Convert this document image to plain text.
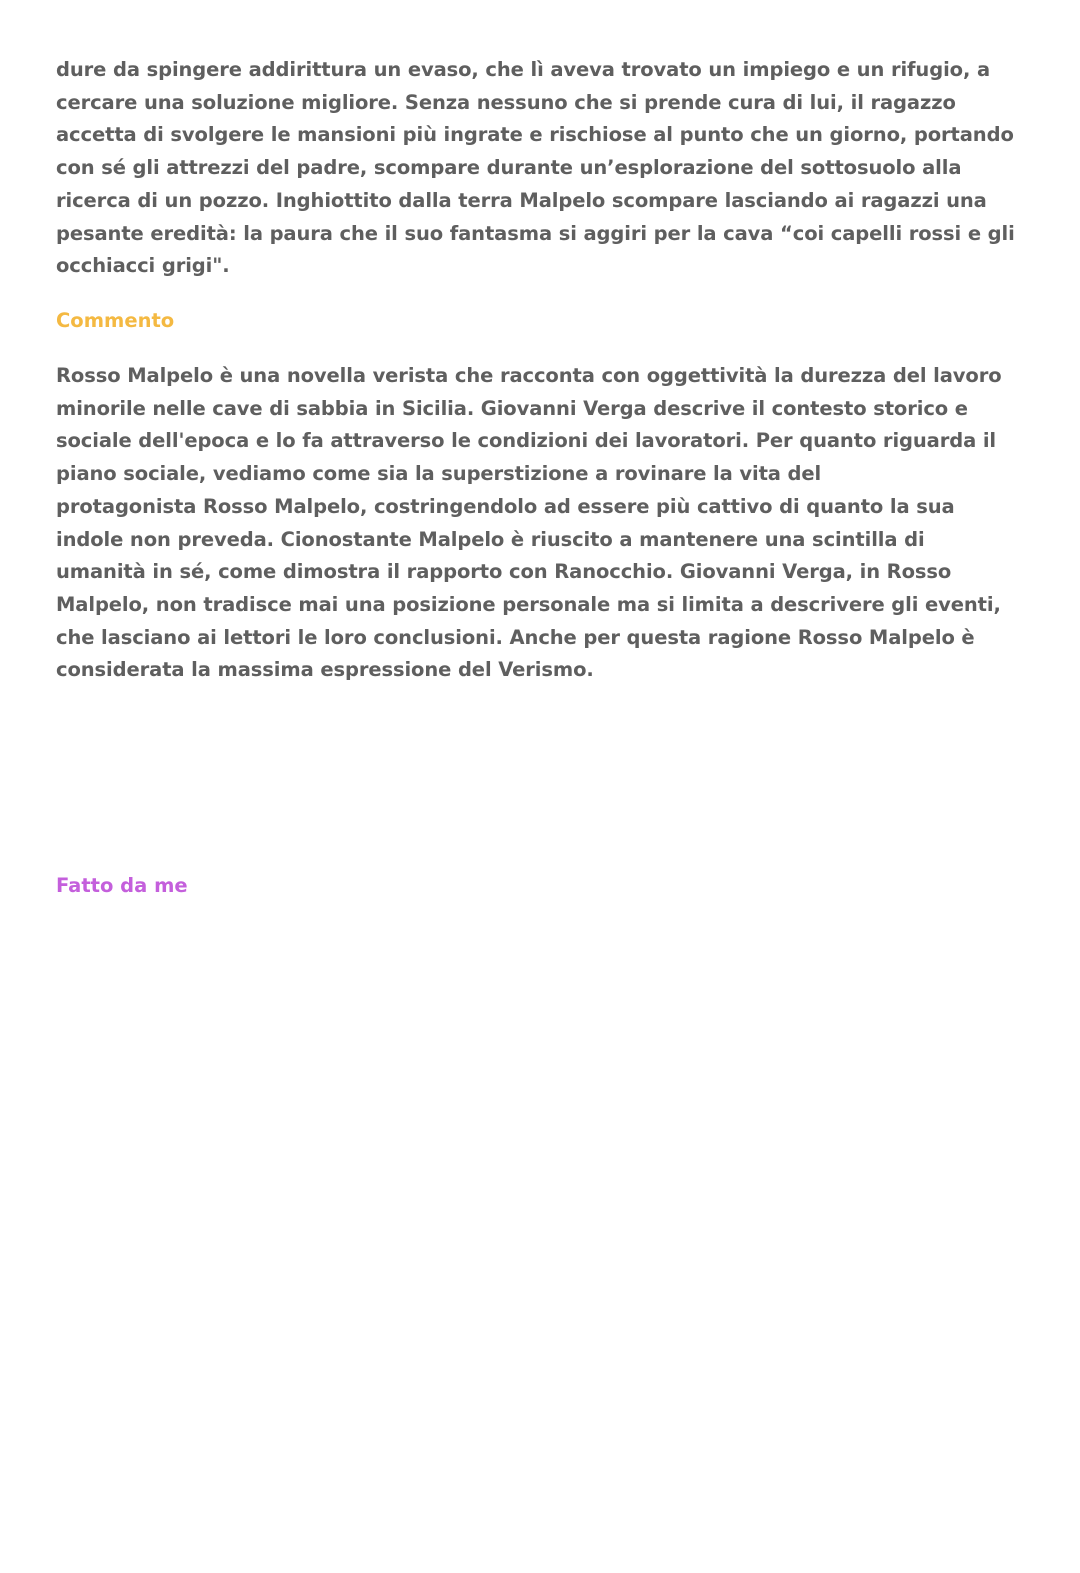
dure da spingere addirittura un evaso, che lì aveva trovato un impiego e un rifugio, a
cercare una soluzione migliore. Senza nessuno che si prende cura di lui, il ragazzo
accetta di svolgere le mansioni più ingrate e rischiose al punto che un giorno, portando
con sé gli attrezzi del padre, scompare durante un’esplorazione del sottosuolo alla
ricerca di un pozzo. Inghiottito dalla terra Malpelo scompare lasciando ai ragazzi una
pesante eredità: la paura che il suo fantasma si aggiri per la cava “coi capelli rossi e gli
occhiacci grigi".

Commento

Rosso Malpelo è una novella verista che racconta con oggettività la durezza del lavoro
minorile nelle cave di sabbia in Sicilia. Giovanni Verga descrive il contesto storico e
sociale dell'epoca e lo fa attraverso le condizioni dei lavoratori. Per quanto riguarda il
piano sociale, vediamo come sia la superstizione a rovinare la vita del
protagonista Rosso Malpelo, costringendolo ad essere più cattivo di quanto la sua
indole non preveda. Cionostante Malpelo è riuscito a mantenere una scintilla di
umanità in sé, come dimostra il rapporto con Ranocchio. Giovanni Verga, in Rosso
Malpelo, non tradisce mai una posizione personale ma si limita a descrivere gli eventi,
che lasciano ai lettori le loro conclusioni. Anche per questa ragione Rosso Malpelo è
considerata la massima espressione del Verismo.

Fatto da me
